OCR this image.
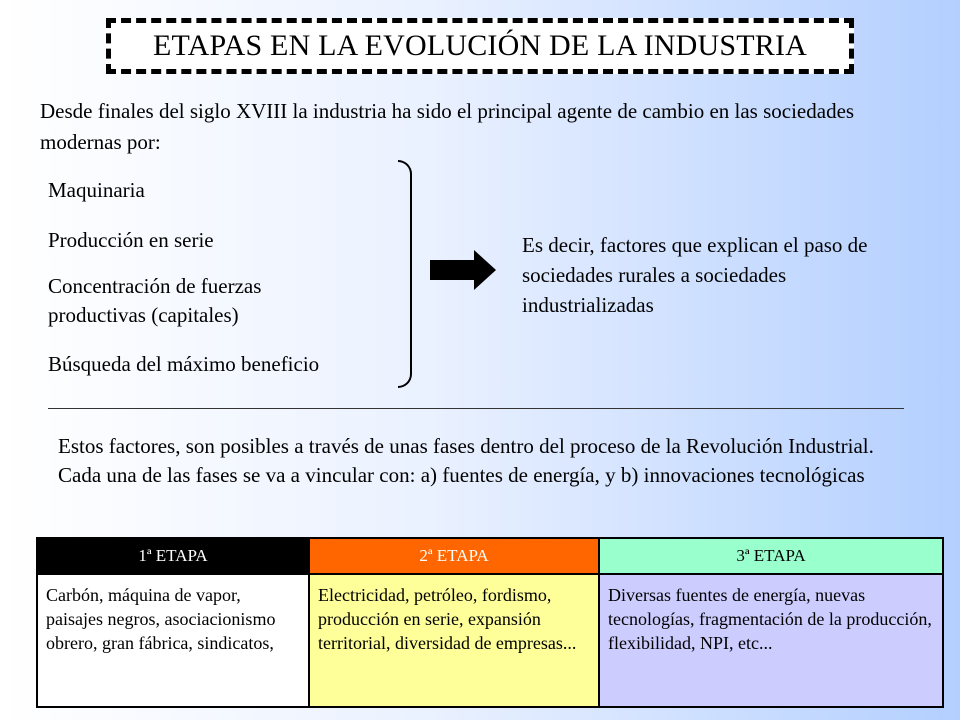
ETAPAS EN LA EVOLUCIÓN DE LA INDUSTRIA
Desde finales del siglo XVIII la industria ha sido el principal agente de cambio en las sociedades modernas por:
Maquinaria
Producción en serie
Concentración de fuerzas productivas (capitales)
Búsqueda del máximo beneficio
Es decir, factores que explican el paso de sociedades rurales a sociedades industrializadas
Estos factores, son posibles a través de unas fases dentro del proceso de la Revolución Industrial. Cada una de las fases se va a vincular con: a) fuentes de energía, y b) innovaciones tecnológicas
1ª ETAPA	2ª ETAPA	3ª ETAPA
Carbón, máquina de vapor, paisajes negros, asociacionismo obrero, gran fábrica, sindicatos,	Electricidad, petróleo, fordismo, producción en serie, expansión territorial, diversidad de empresas...	Diversas fuentes de energía, nuevas tecnologías, fragmentación de la producción, flexibilidad, NPI, etc...
